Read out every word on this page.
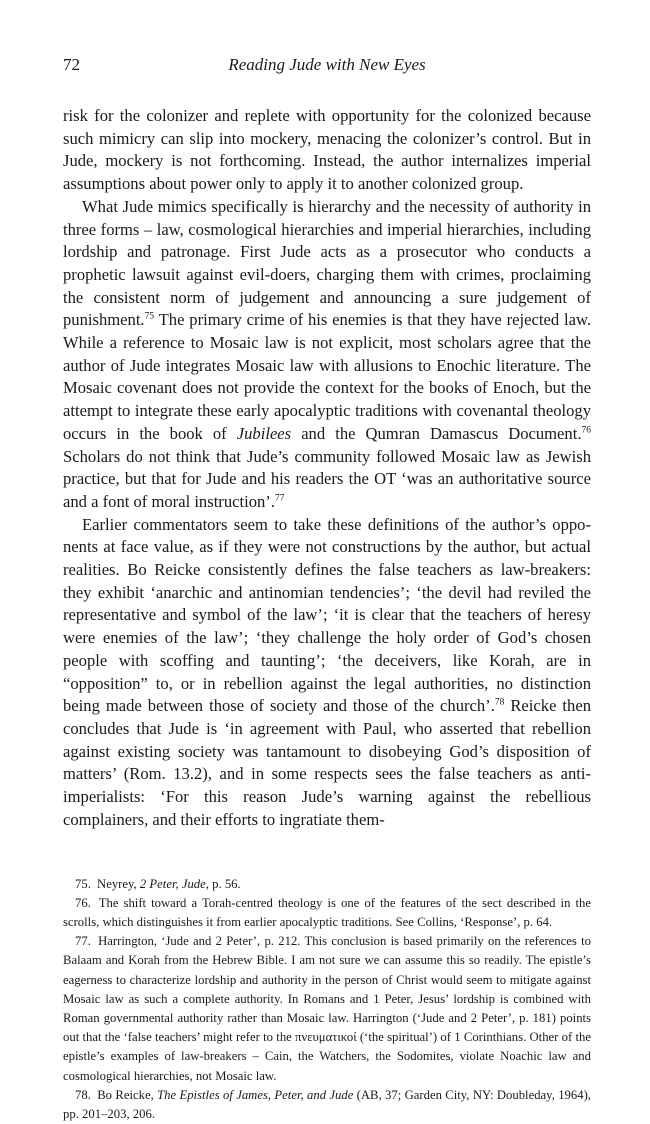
72	Reading Jude with New Eyes

risk for the colonizer and replete with opportunity for the colonized because such mimicry can slip into mockery, menacing the colonizer’s control. But in Jude, mockery is not forthcoming. Instead, the author internalizes imperial assumptions about power only to apply it to another colonized group.

What Jude mimics specifically is hierarchy and the necessity of authority in three forms – law, cosmological hierarchies and imperial hierarchies, including lordship and patronage. First Jude acts as a prosecutor who conducts a prophetic lawsuit against evil-doers, charging them with crimes, proclaiming the consistent norm of judgement and announcing a sure judgement of punishment.$^{75}$ The primary crime of his enemies is that they have rejected law. While a reference to Mosaic law is not explicit, most scholars agree that the author of Jude integrates Mosaic law with allusions to Enochic literature. The Mosaic covenant does not provide the context for the books of Enoch, but the attempt to integrate these early apocalyptic traditions with covenantal theology occurs in the book of Jubilees and the Qumran Damascus Document.$^{76}$ Scholars do not think that Jude’s community followed Mosaic law as Jewish practice, but that for Jude and his readers the OT ‘was an authoritative source and a font of moral instruction’.$^{77}$

Earlier commentators seem to take these definitions of the author’s opponents at face value, as if they were not constructions by the author, but actual realities. Bo Reicke consistently defines the false teachers as law-breakers: they exhibit ‘anarchic and antinomian tendencies’; ‘the devil had reviled the representative and symbol of the law’; ‘it is clear that the teachers of heresy were enemies of the law’; ‘they challenge the holy order of God’s chosen people with scoffing and taunting’; ‘the deceivers, like Korah, are in “opposition” to, or in rebellion against the legal authorities, no distinction being made between those of society and those of the church’.$^{78}$ Reicke then concludes that Jude is ‘in agreement with Paul, who asserted that rebellion against existing society was tantamount to disobeying God’s disposition of matters’ (Rom. 13.2), and in some respects sees the false teachers as anti-imperialists: ‘For this reason Jude’s warning against the rebellious complainers, and their efforts to ingratiate them-

75. Neyrey, 2 Peter, Jude, p. 56.

76. The shift toward a Torah-centred theology is one of the features of the sect described in the scrolls, which distinguishes it from earlier apocalyptic traditions. See Collins, ‘Response’, p. 64.

77. Harrington, ‘Jude and 2 Peter’, p. 212. This conclusion is based primarily on the references to Balaam and Korah from the Hebrew Bible. I am not sure we can assume this so readily. The epistle’s eagerness to characterize lordship and authority in the person of Christ would seem to mitigate against Mosaic law as such a complete authority. In Romans and 1 Peter, Jesus’ lordship is combined with Roman governmental authority rather than Mosaic law. Harrington (‘Jude and 2 Peter’, p. 181) points out that the ‘false teachers’ might refer to the πνευματικοί (‘the spiritual’) of 1 Corinthians. Other of the epistle’s examples of law-breakers – Cain, the Watchers, the Sodomites, violate Noachic law and cosmological hierarchies, not Mosaic law.

78. Bo Reicke, The Epistles of James, Peter, and Jude (AB, 37; Garden City, NY: Doubleday, 1964), pp. 201–203, 206.
